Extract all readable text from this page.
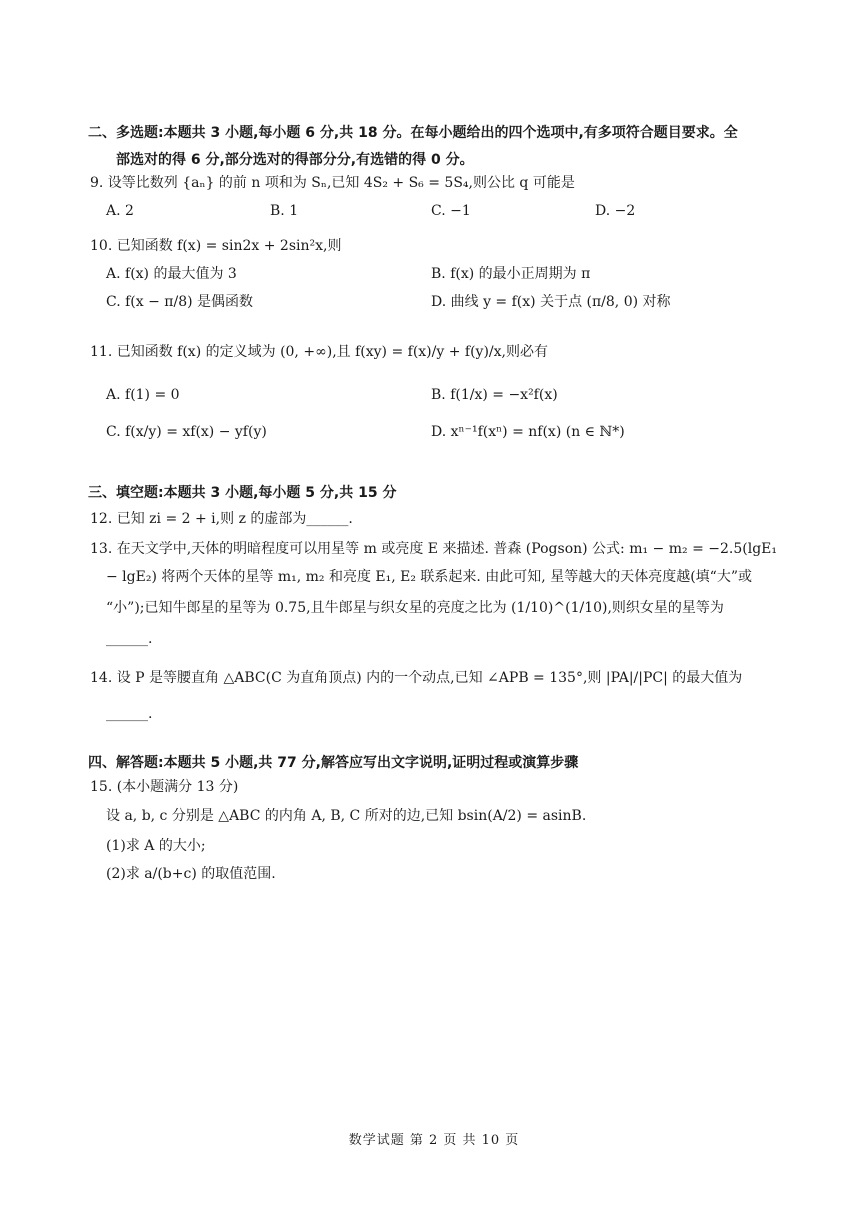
二、多选题:本题共 3 小题,每小题 6 分,共 18 分。在每小题给出的四个选项中,有多项符合题目要求。全
部选对的得 6 分,部分选对的得部分分,有选错的得 0 分。
9. 设等比数列 {aₙ} 的前 n 项和为 Sₙ,已知 4S₂ + S₆ = 5S₄,则公比 q 可能是
A. 2	B. 1	C. −1	D. −2
10. 已知函数 f(x) = sin2x + 2sin²x,则
A. f(x) 的最大值为 3	B. f(x) 的最小正周期为 π
C. f(x − π/8) 是偶函数	D. 曲线 y = f(x) 关于点 (π/8, 0) 对称
11. 已知函数 f(x) 的定义域为 (0, +∞),且 f(xy) = f(x)/y + f(y)/x,则必有
A. f(1) = 0	B. f(1/x) = −x²f(x)
C. f(x/y) = xf(x) − yf(y)	D. xⁿ⁻¹f(xⁿ) = nf(x) (n ∈ ℕ*)
三、填空题:本题共 3 小题,每小题 5 分,共 15 分
12. 已知 zi = 2 + i,则 z 的虚部为______.
13. 在天文学中,天体的明暗程度可以用星等 m 或亮度 E 来描述. 普森 (Pogson) 公式: m₁ − m₂ = −2.5(lgE₁
− lgE₂) 将两个天体的星等 m₁, m₂ 和亮度 E₁, E₂ 联系起来. 由此可知, 星等越大的天体亮度越(填“大”或
“小”);已知牛郎星的星等为 0.75,且牛郎星与织女星的亮度之比为 (1/10)^(1/10),则织女星的星等为
______.
14. 设 P 是等腰直角 △ABC(C 为直角顶点) 内的一个动点,已知 ∠APB = 135°,则 |PA|/|PC| 的最大值为
______.
四、解答题:本题共 5 小题,共 77 分,解答应写出文字说明,证明过程或演算步骤
15. (本小题满分 13 分)
设 a, b, c 分别是 △ABC 的内角 A, B, C 所对的边,已知 bsin(A/2) = asinB.
(1)求 A 的大小;
(2)求 a/(b+c) 的取值范围.
数学试题 第 2 页 共 10 页
